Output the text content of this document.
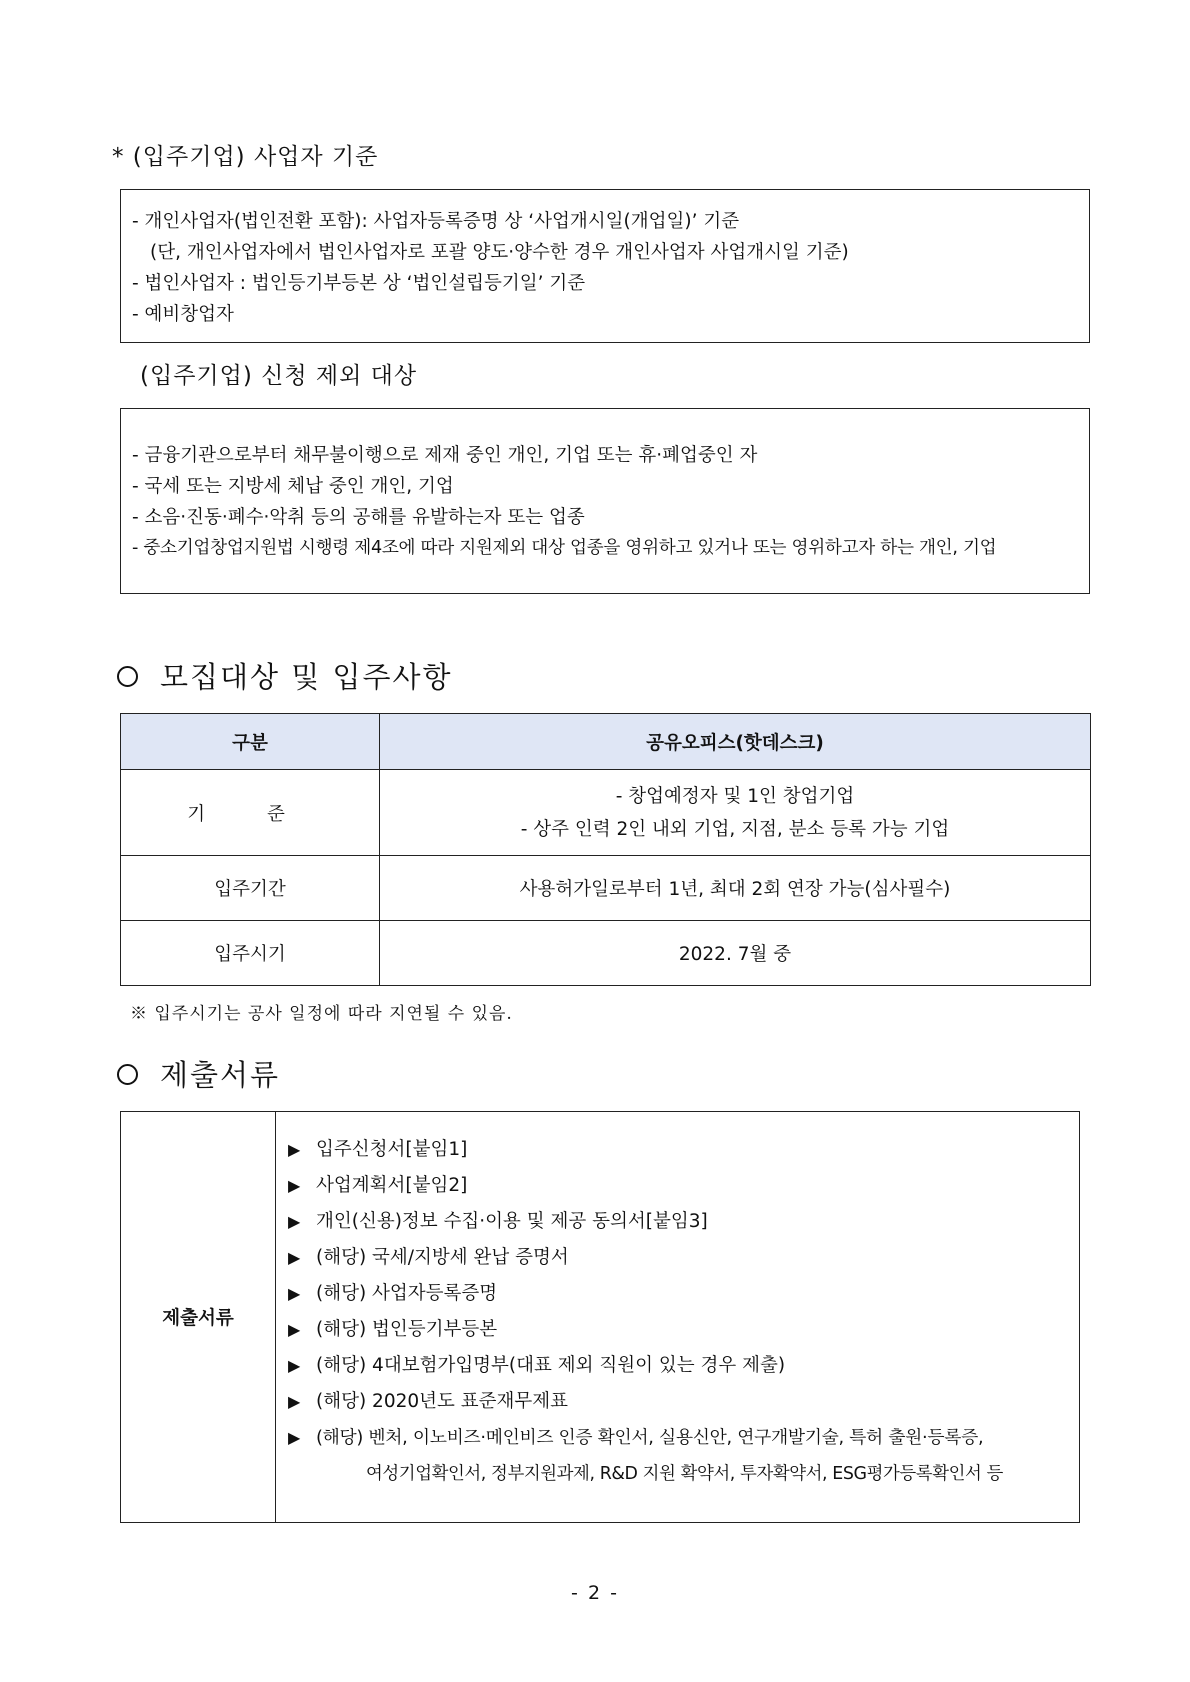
* (입주기업) 사업자 기준
- 개인사업자(법인전환 포함): 사업자등록증명 상 ‘사업개시일(개업일)’ 기준
(단, 개인사업자에서 법인사업자로 포괄 양도·양수한 경우 개인사업자 사업개시일 기준)
- 법인사업자 : 법인등기부등본 상 ‘법인설립등기일’ 기준
- 예비창업자
(입주기업) 신청 제외 대상
- 금융기관으로부터 채무불이행으로 제재 중인 개인, 기업 또는 휴·폐업중인 자
- 국세 또는 지방세 체납 중인 개인, 기업
- 소음·진동·폐수·악취 등의 공해를 유발하는자 또는 업종
- 중소기업창업지원법 시행령 제4조에 따라 지원제외 대상 업종을 영위하고 있거나 또는 영위하고자 하는 개인, 기업
모집대상 및 입주사항
구분	공유오피스(핫데스크)
기 준	- 창업예정자 및 1인 창업기업
- 상주 인력 2인 내외 기업, 지점, 분소 등록 가능 기업

입주기간	사용허가일로부터 1년, 최대 2회 연장 가능(심사필수)
입주시기	2022. 7월 중
※ 입주시기는 공사 일정에 따라 지연될 수 있음.
제출서류
제출서류	
▶ 입주신청서[붙임1]
▶ 사업계획서[붙임2]
▶ 개인(신용)정보 수집·이용 및 제공 동의서[붙임3]
▶ (해당) 국세/지방세 완납 증명서
▶ (해당) 사업자등록증명
▶ (해당) 법인등기부등본
▶ (해당) 4대보험가입명부(대표 제외 직원이 있는 경우 제출)
▶ (해당) 2020년도 표준재무제표
▶ (해당) 벤처, 이노비즈·메인비즈 인증 확인서, 실용신안, 연구개발기술, 특허 출원·등록증,
여성기업확인서, 정부지원과제, R&D 지원 확약서, 투자확약서, ESG평가등록확인서 등
- 2 -
